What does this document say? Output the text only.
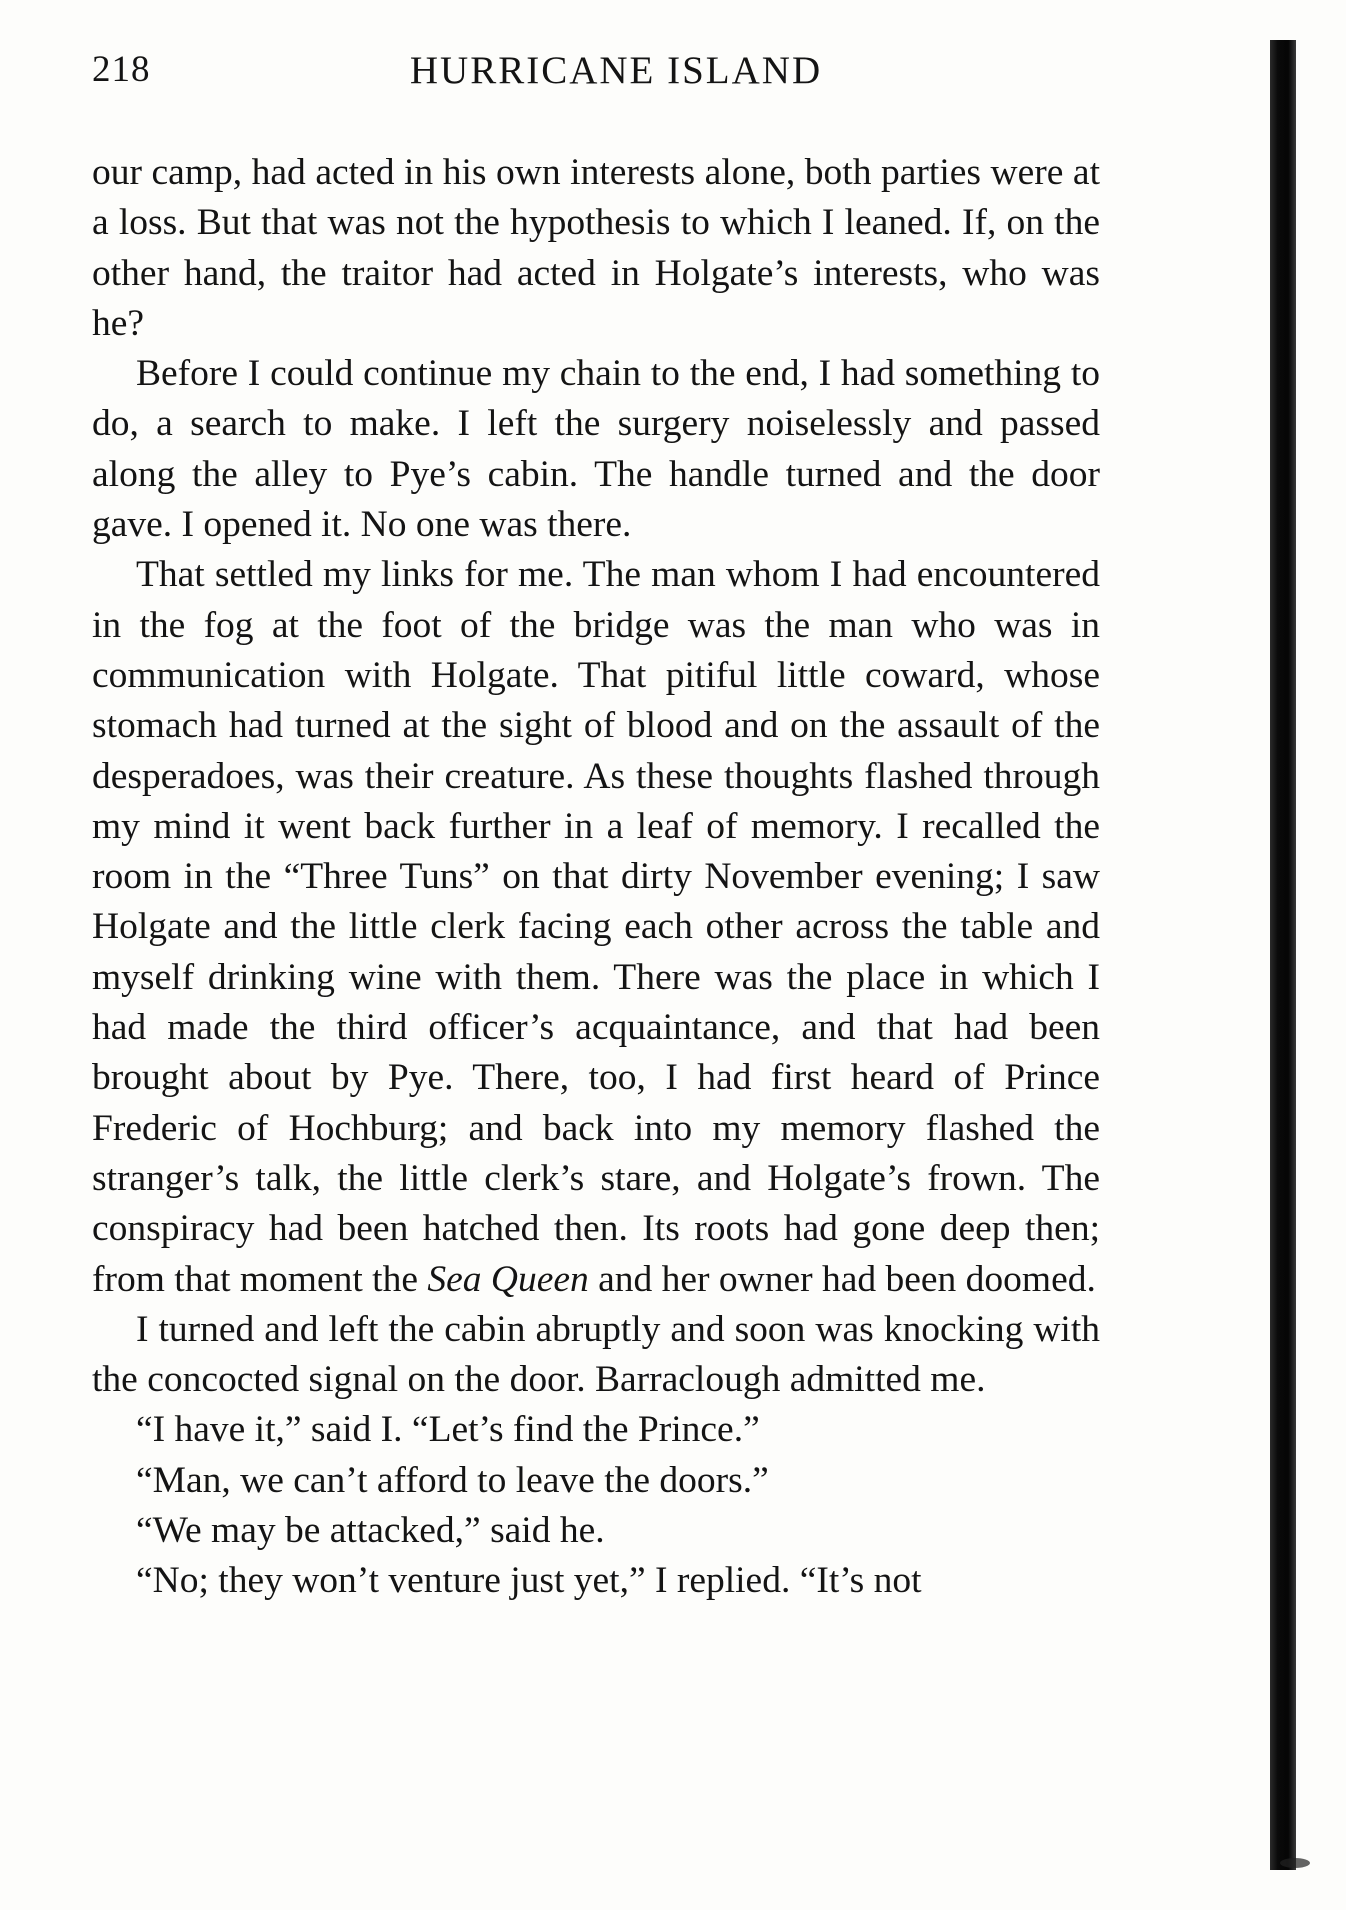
218	HURRICANE ISLAND

our camp, had acted in his own interests alone, both parties were at a loss. But that was not the hypothesis to which I leaned. If, on the other hand, the traitor had acted in Holgate’s interests, who was he?

Before I could continue my chain to the end, I had something to do, a search to make. I left the surgery noiselessly and passed along the alley to Pye’s cabin. The handle turned and the door gave. I opened it. No one was there.

That settled my links for me. The man whom I had encountered in the fog at the foot of the bridge was the man who was in communication with Holgate. That pitiful little coward, whose stomach had turned at the sight of blood and on the assault of the desperadoes, was their creature. As these thoughts flashed through my mind it went back further in a leaf of memory. I recalled the room in the “Three Tuns” on that dirty November evening; I saw Holgate and the little clerk facing each other across the table and myself drinking wine with them. There was the place in which I had made the third officer’s acquaintance, and that had been brought about by Pye. There, too, I had first heard of Prince Frederic of Hochburg; and back into my memory flashed the stranger’s talk, the little clerk’s stare, and Holgate’s frown. The conspiracy had been hatched then. Its roots had gone deep then; from that moment the Sea Queen and her owner had been doomed.

I turned and left the cabin abruptly and soon was knocking with the concocted signal on the door. Barraclough admitted me.

“I have it,” said I. “Let’s find the Prince.”

“Man, we can’t afford to leave the doors.”

“We may be attacked,” said he.

“No; they won’t venture just yet,” I replied. “It’s not
